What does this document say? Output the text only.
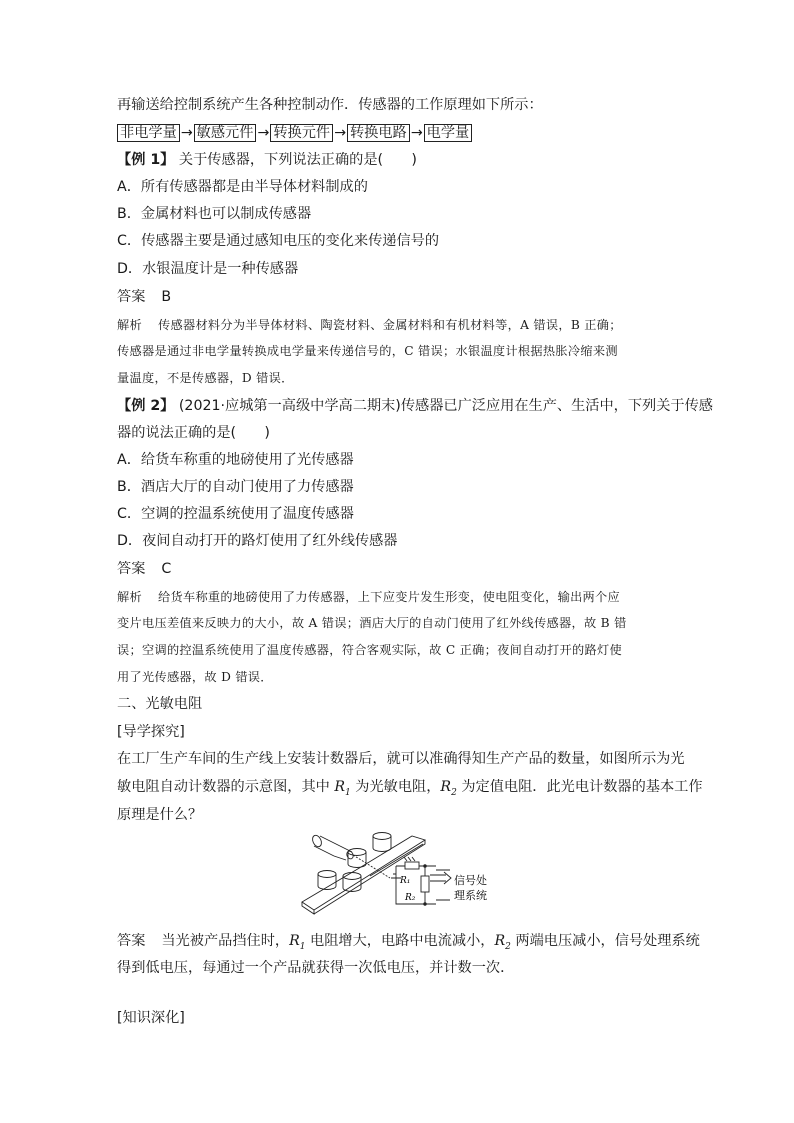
再输送给控制系统产生各种控制动作．传感器的工作原理如下所示：
非电学量 → 敏感元件 → 转换元件 → 转换电路 → 电学量
【例 1】 关于传感器，下列说法正确的是(　　)
A．所有传感器都是由半导体材料制成的
B．金属材料也可以制成传感器
C．传感器主要是通过感知电压的变化来传递信号的
D．水银温度计是一种传感器
答案 B
解析 传感器材料分为半导体材料、陶瓷材料、金属材料和有机材料等，A 错误，B 正确；
传感器是通过非电学量转换成电学量来传递信号的，C 错误；水银温度计根据热胀冷缩来测
量温度，不是传感器，D 错误．
【例 2】 (2021·应城第一高级中学高二期末)传感器已广泛应用在生产、生活中，下列关于传感
器的说法正确的是(　　)
A．给货车称重的地磅使用了光传感器
B．酒店大厅的自动门使用了力传感器
C．空调的控温系统使用了温度传感器
D．夜间自动打开的路灯使用了红外线传感器
答案 C
解析 给货车称重的地磅使用了力传感器，上下应变片发生形变，使电阻变化，输出两个应
变片电压差值来反映力的大小，故 A 错误；酒店大厅的自动门使用了红外线传感器，故 B 错
误；空调的控温系统使用了温度传感器，符合客观实际，故 C 正确；夜间自动打开的路灯使
用了光传感器，故 D 错误．
二、光敏电阻
[导学探究]
在工厂生产车间的生产线上安装计数器后，就可以准确得知生产产品的数量，如图所示为光
敏电阻自动计数器的示意图，其中 $R_1$ 为光敏电阻，$R_2$ 为定值电阻．此光电计数器的基本工作
原理是什么？
R₁
R₂
信号处
理系统
答案 当光被产品挡住时，$R_1$ 电阻增大，电路中电流减小，$R_2$ 两端电压减小，信号处理系统
得到低电压，每通过一个产品就获得一次低电压，并计数一次．
[知识深化]
